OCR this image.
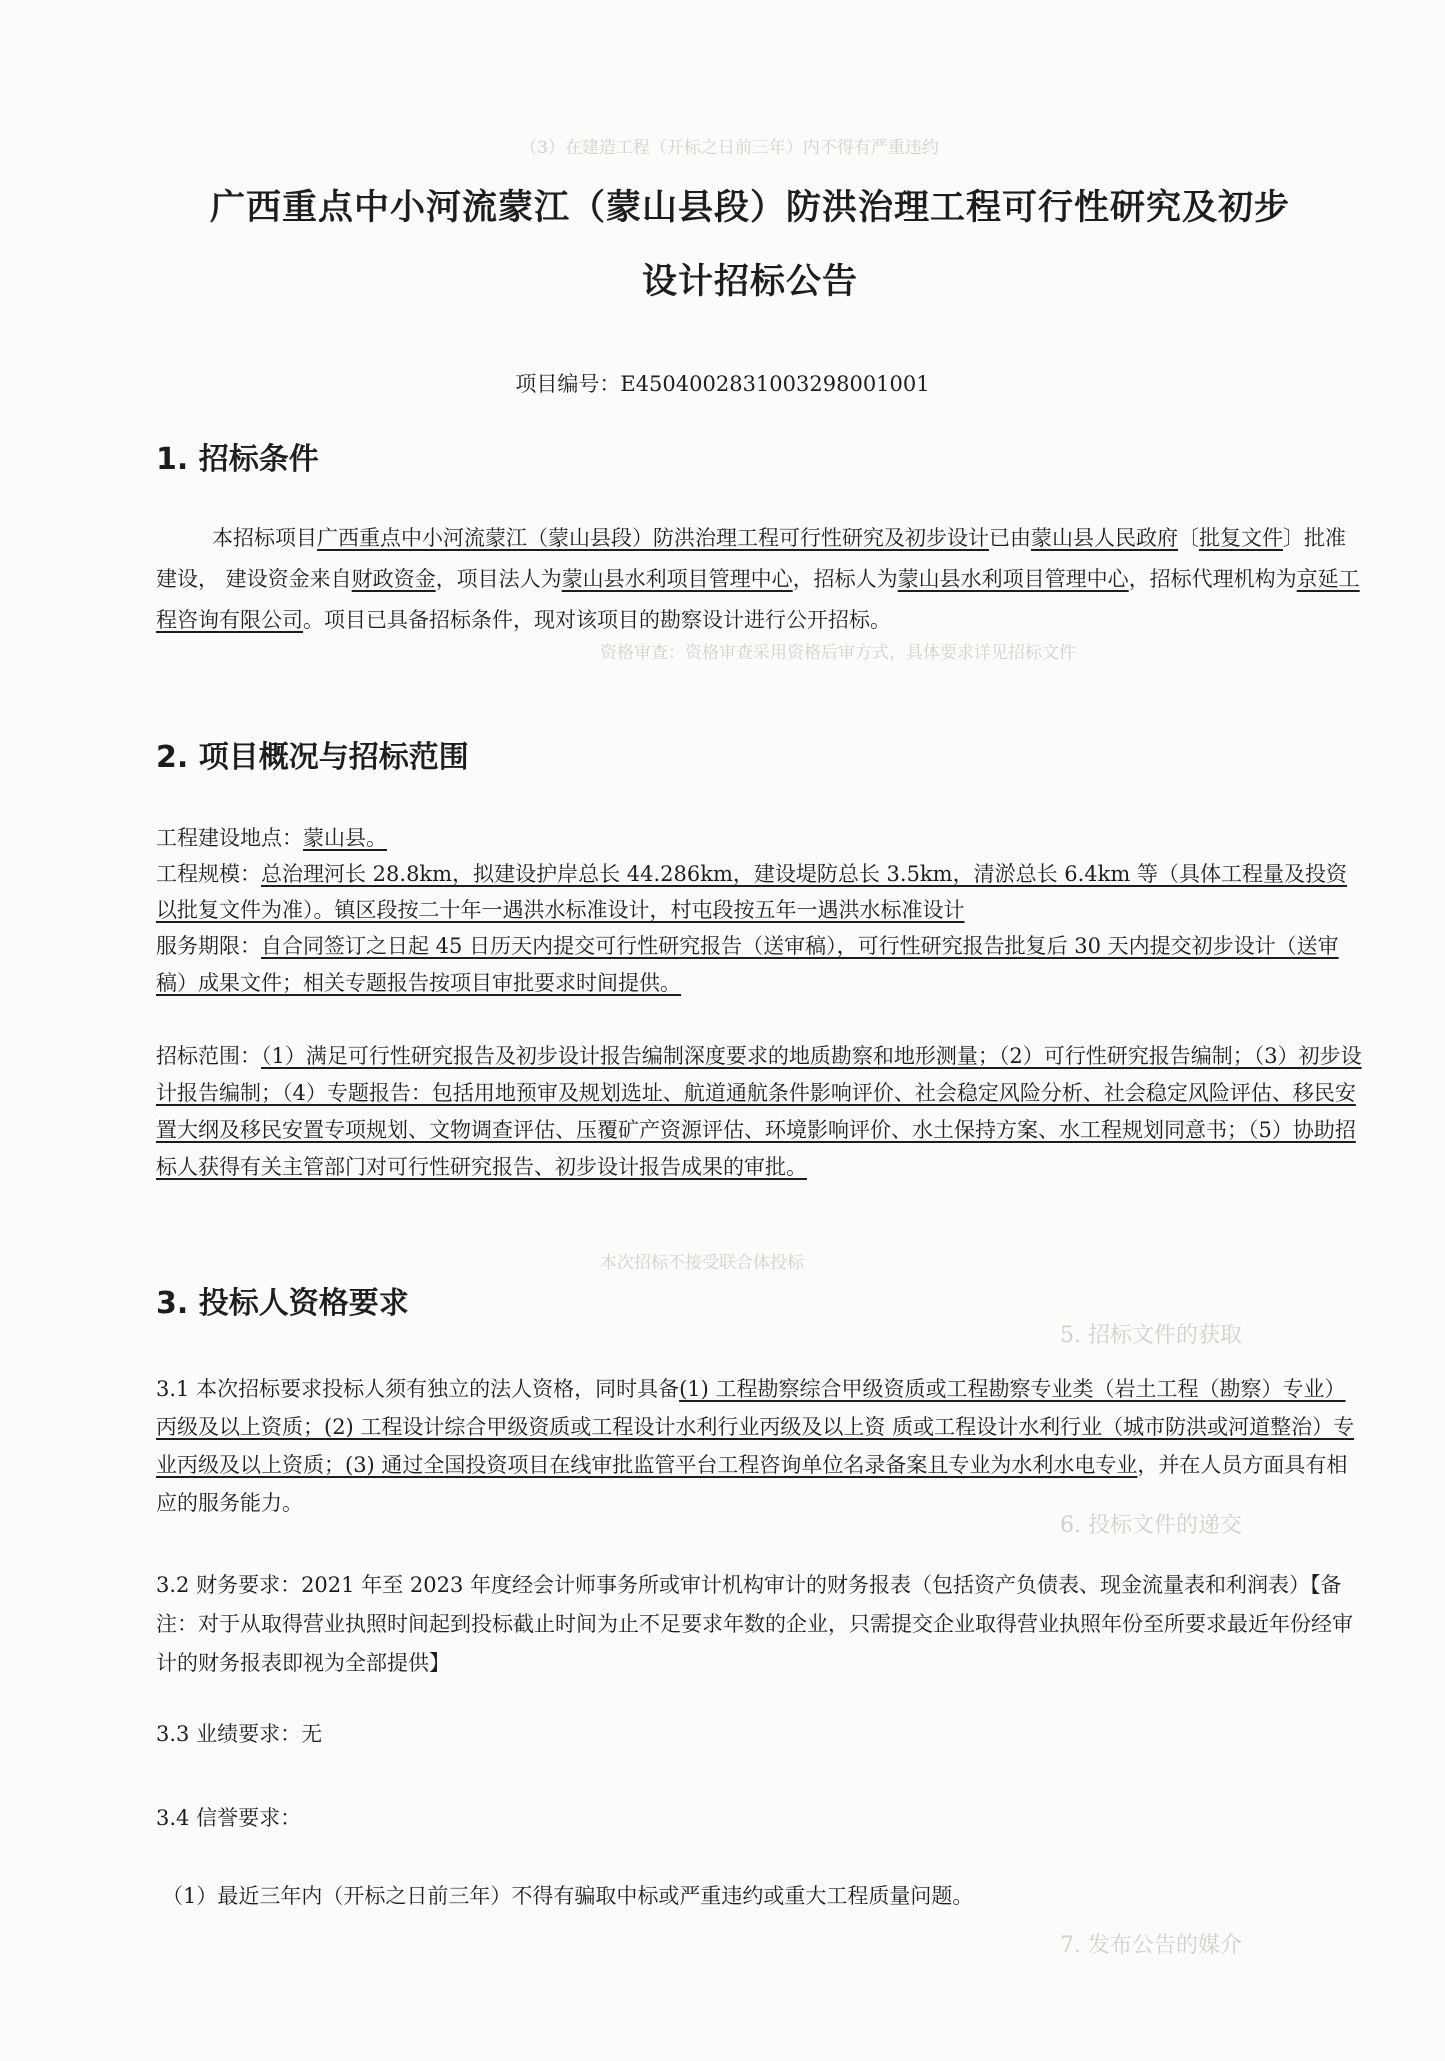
（3）在建造工程（开标之日前三年）内不得有严重违约
资格审查：资格审查采用资格后审方式，具体要求详见招标文件
本次招标不接受联合体投标
5. 招标文件的获取
6. 投标文件的递交
7. 发布公告的媒介
广西重点中小河流蒙江（蒙山县段）防洪治理工程可行性研究及初步
设计招标公告
项目编号：E4504002831003298001001
1. 招标条件
本招标项目广西重点中小河流蒙江（蒙山县段）防洪治理工程可行性研究及初步设计已由蒙山县人民政府〔批复文件〕批准建设， 建设资金来自财政资金，项目法人为蒙山县水利项目管理中心，招标人为蒙山县水利项目管理中心，招标代理机构为京延工程咨询有限公司。项目已具备招标条件，现对该项目的勘察设计进行公开招标。
2. 项目概况与招标范围
工程建设地点：蒙山县。
工程规模：总治理河长 28.8km，拟建设护岸总长 44.286km，建设堤防总长 3.5km，清淤总长 6.4km 等（具体工程量及投资以批复文件为准）。镇区段按二十年一遇洪水标准设计，村屯段按五年一遇洪水标准设计
服务期限：自合同签订之日起 45 日历天内提交可行性研究报告（送审稿），可行性研究报告批复后 30 天内提交初步设计（送审稿）成果文件；相关专题报告按项目审批要求时间提供。
招标范围：（1）满足可行性研究报告及初步设计报告编制深度要求的地质勘察和地形测量；（2）可行性研究报告编制；（3）初步设计报告编制；（4）专题报告：包括用地预审及规划选址、航道通航条件影响评价、社会稳定风险分析、社会稳定风险评估、移民安置大纲及移民安置专项规划、文物调查评估、压覆矿产资源评估、环境影响评价、水土保持方案、水工程规划同意书；（5）协助招标人获得有关主管部门对可行性研究报告、初步设计报告成果的审批。
3. 投标人资格要求
3.1 本次招标要求投标人须有独立的法人资格，同时具备(1) 工程勘察综合甲级资质或工程勘察专业类（岩土工程（勘察）专业）丙级及以上资质；(2) 工程设计综合甲级资质或工程设计水利行业丙级及以上资 质或工程设计水利行业（城市防洪或河道整治）专业丙级及以上资质；(3) 通过全国投资项目在线审批监管平台工程咨询单位名录备案且专业为水利水电专业，并在人员方面具有相应的服务能力。
3.2 财务要求：2021 年至 2023 年度经会计师事务所或审计机构审计的财务报表（包括资产负债表、现金流量表和利润表）【备注：对于从取得营业执照时间起到投标截止时间为止不足要求年数的企业，只需提交企业取得营业执照年份至所要求最近年份经审计的财务报表即视为全部提供】
3.3 业绩要求：无
3.4 信誉要求：
（1）最近三年内（开标之日前三年）不得有骗取中标或严重违约或重大工程质量问题。
